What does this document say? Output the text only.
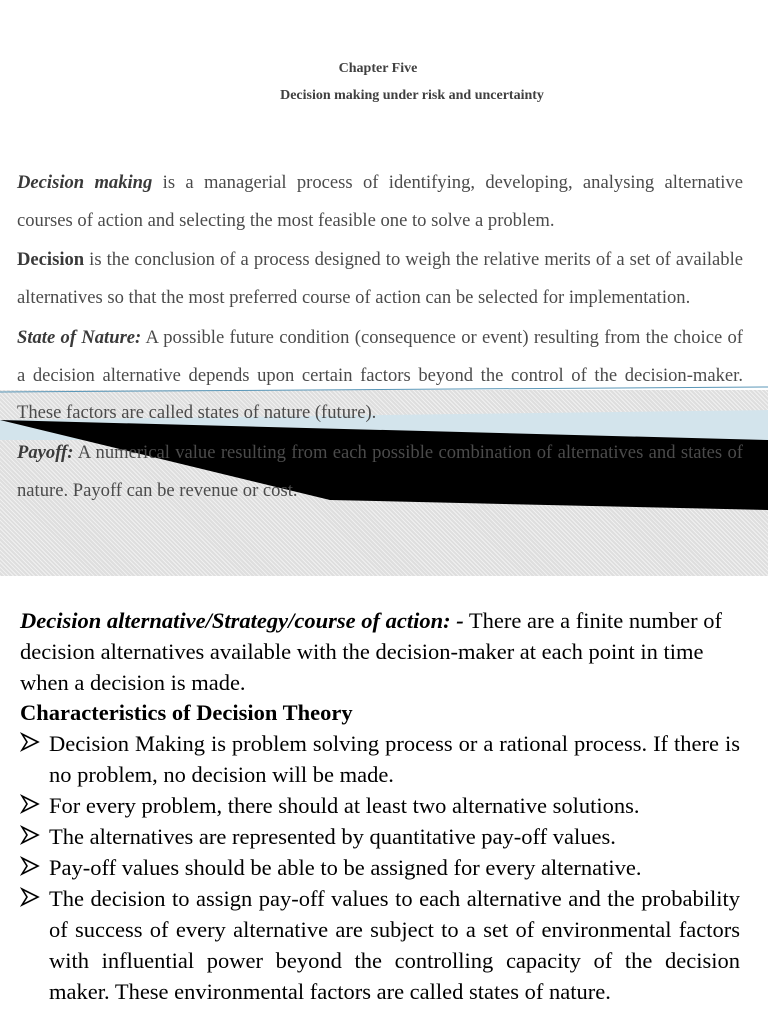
Chapter Five
Decision making under risk and uncertainty

Decision making is a managerial process of identifying, developing, analysing alternative courses of action and selecting the most feasible one to solve a problem.

Decision is the conclusion of a process designed to weigh the relative merits of a set of available alternatives so that the most preferred course of action can be selected for implementation.

State of Nature: A possible future condition (consequence or event) resulting from the choice of a decision alternative depends upon certain factors beyond the control of the decision-maker. These factors are called states of nature (future).

Payoff: A numerical value resulting from each possible combination of alternatives and states of nature. Payoff can be revenue or cost.

Decision alternative/Strategy/course of action: - There are a finite number of decision alternatives available with the decision-maker at each point in time when a decision is made.

Characteristics of Decision Theory
Decision Making is problem solving process or a rational process. If there is no problem, no decision will be made.
For every problem, there should at least two alternative solutions.
The alternatives are represented by quantitative pay-off values.
Pay-off values should be able to be assigned for every alternative.
The decision to assign pay-off values to each alternative and the probability of success of every alternative are subject to a set of environmental factors with influential power beyond the controlling capacity of the decision maker. These environmental factors are called states of nature.
